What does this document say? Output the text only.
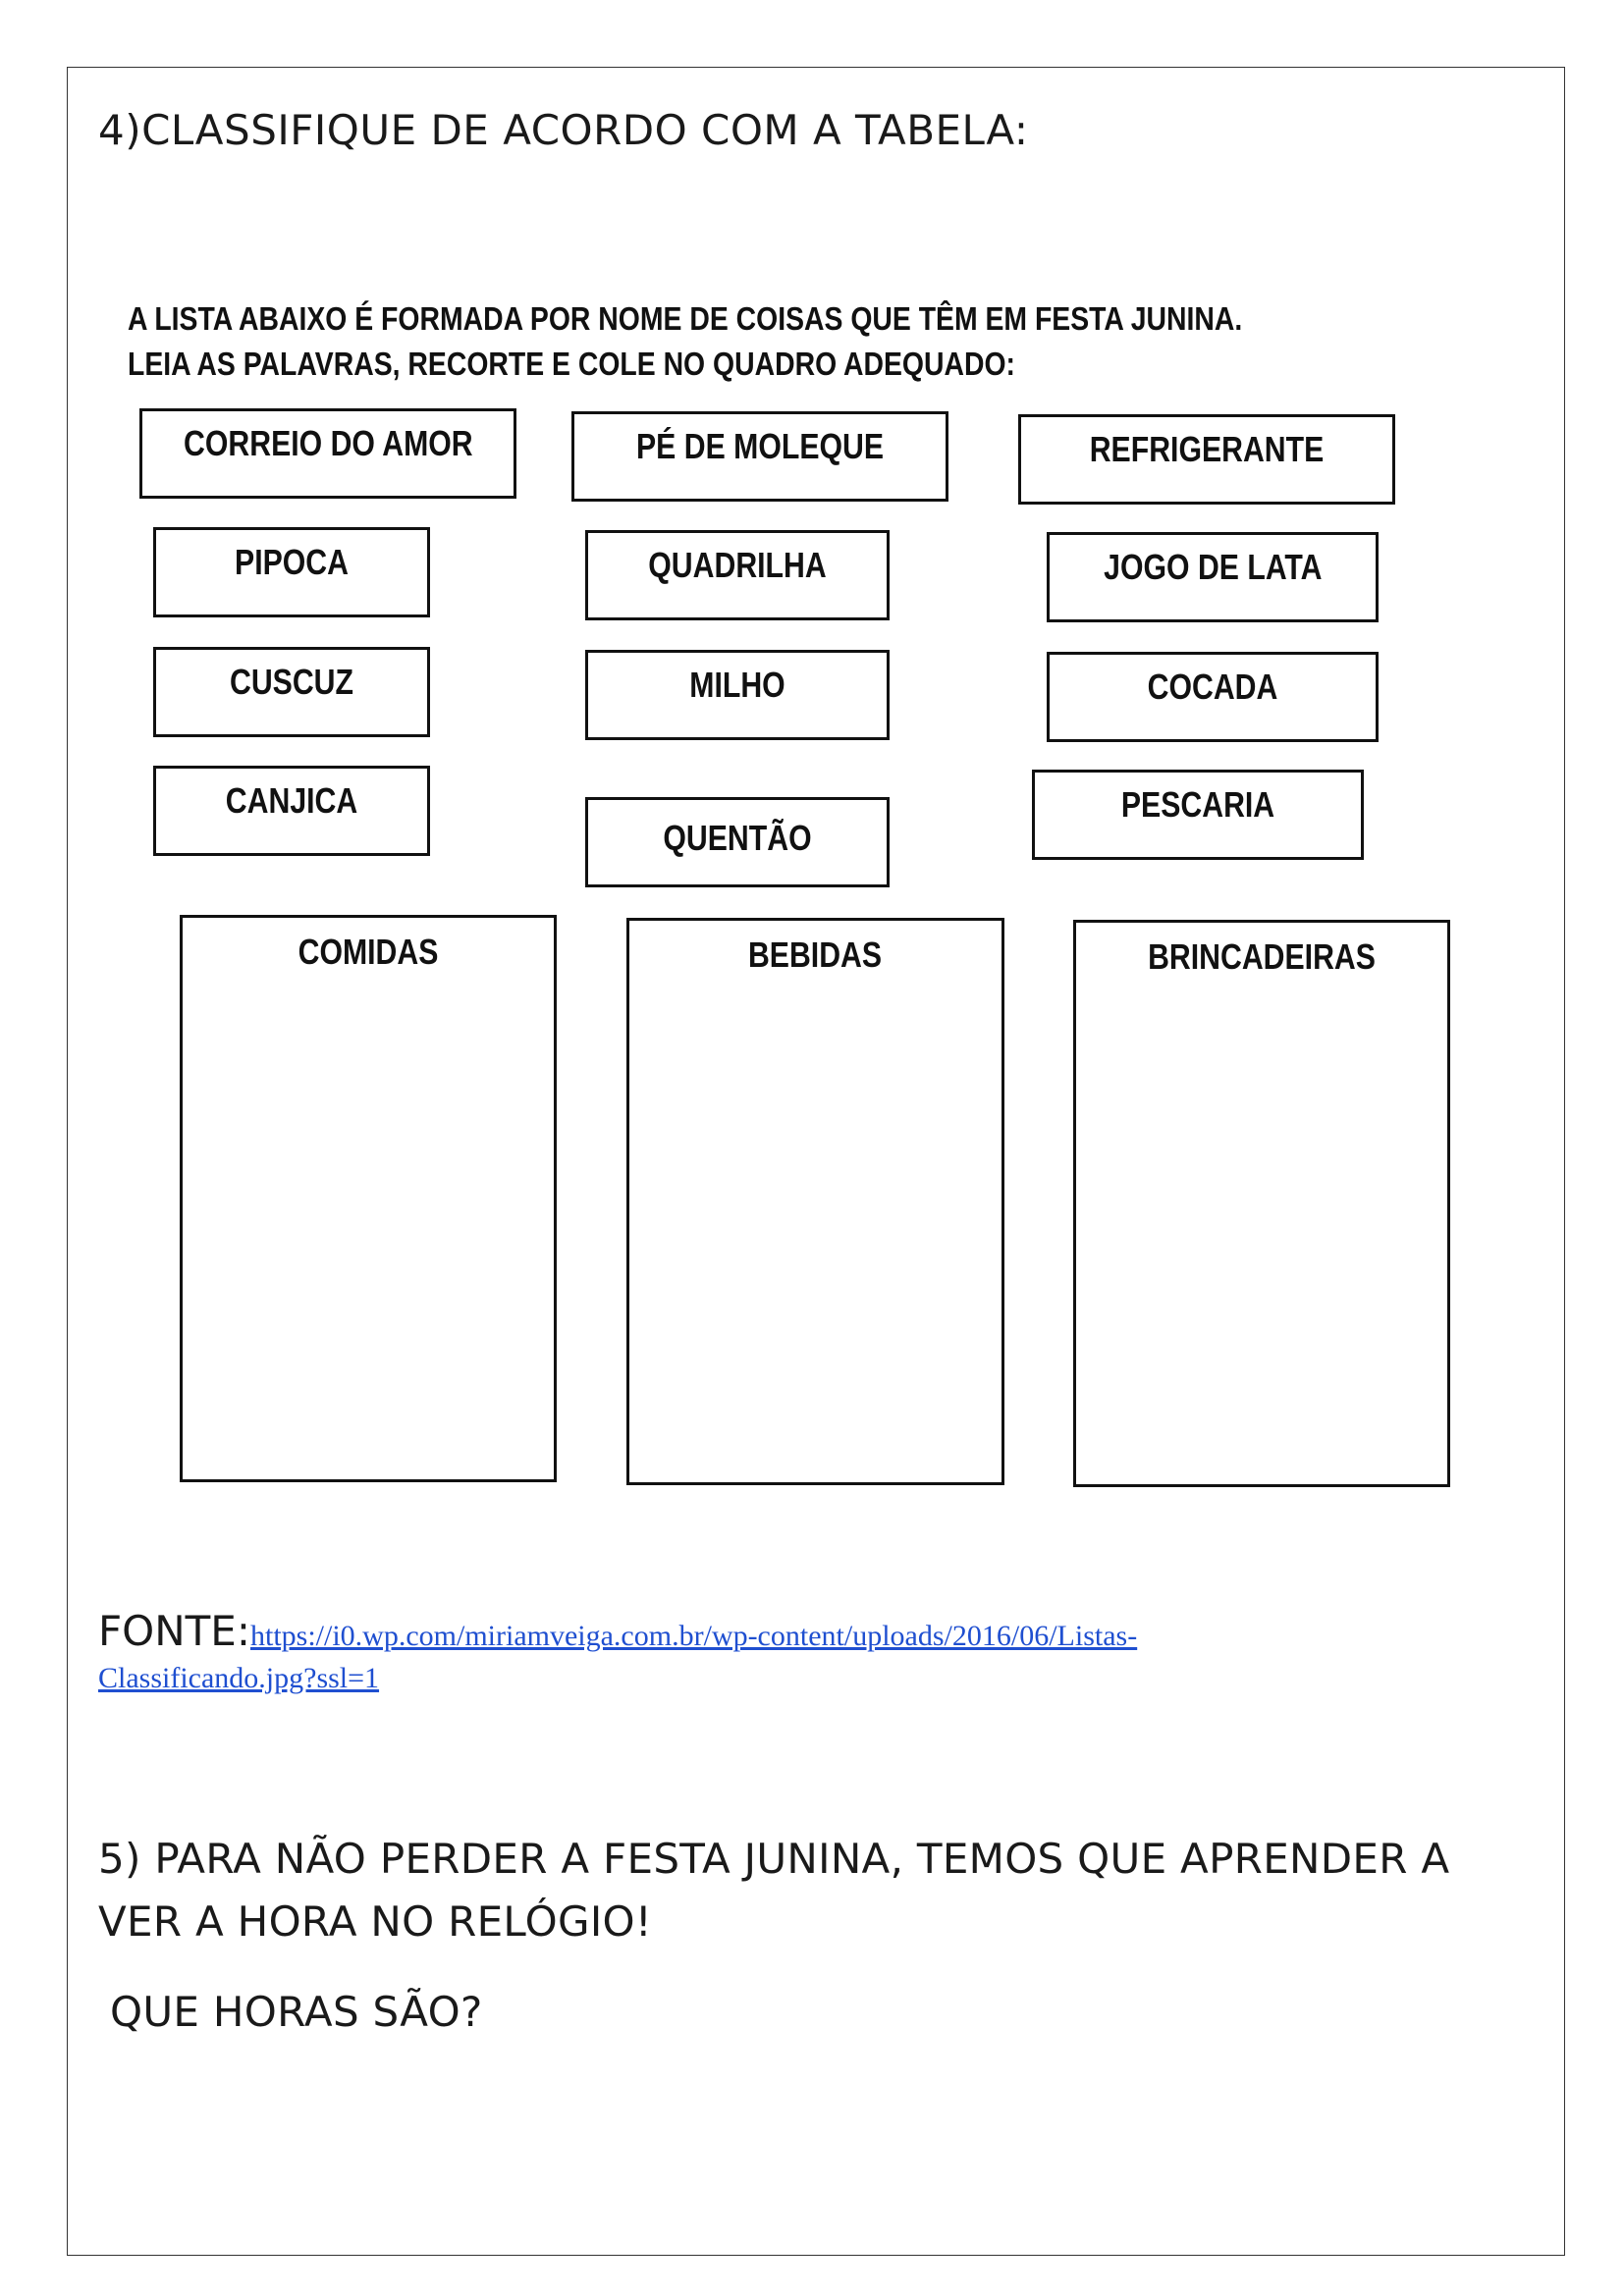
4)CLASSIFIQUE DE ACORDO COM A TABELA:
A LISTA ABAIXO É FORMADA POR NOME DE COISAS QUE TÊM EM FESTA JUNINA.
LEIA AS PALAVRAS, RECORTE E COLE NO QUADRO ADEQUADO:
CORREIO DO AMOR	PÉ DE MOLEQUE	REFRIGERANTE
PIPOCA	QUADRILHA	JOGO DE LATA
CUSCUZ	MILHO	COCADA
CANJICA
QUENTÃO
PESCARIA
COMIDAS	BEBIDAS	BRINCADEIRAS
FONTE:https://i0.wp.com/miriamveiga.com.br/wp-content/uploads/2016/06/Listas-
Classificando.jpg?ssl=1
5) PARA NÃO PERDER A FESTA JUNINA, TEMOS QUE APRENDER A VER A HORA NO RELÓGIO!
QUE HORAS SÃO?
